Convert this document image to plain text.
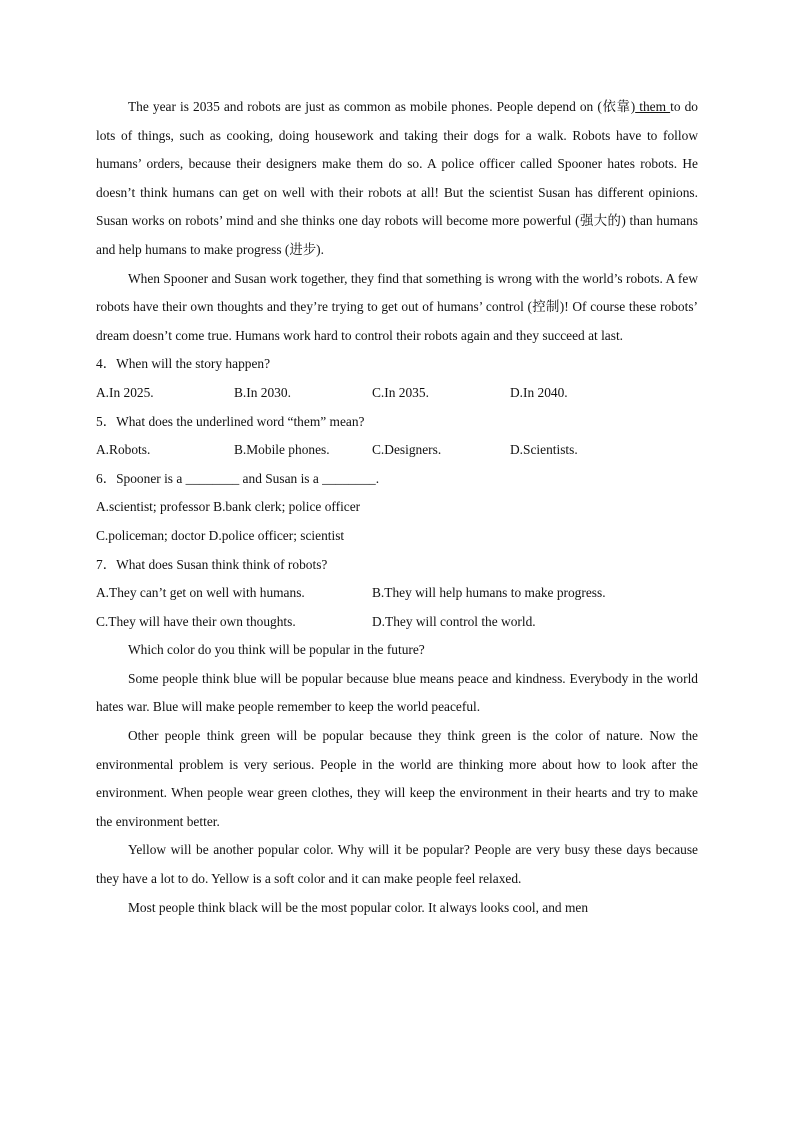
The year is 2035 and robots are just as common as mobile phones. People depend on (依靠) them to do lots of things, such as cooking, doing housework and taking their dogs for a walk. Robots have to follow humans’ orders, because their designers make them do so. A police officer called Spooner hates robots. He doesn’t think humans can get on well with their robots at all! But the scientist Susan has different opinions. Susan works on robots’ mind and she thinks one day robots will become more powerful (强大的) than humans and help humans to make progress (进步).

When Spooner and Susan work together, they find that something is wrong with the world’s robots. A few robots have their own thoughts and they’re trying to get out of humans’ control (控制)! Of course these robots’ dream doesn’t come true. Humans work hard to control their robots again and they succeed at last.

4．When will the story happen?

A.In 2025.	B.In 2030.	C.In 2035.	D.In 2040.

5．What does the underlined word “them” mean?

A.Robots.	B.Mobile phones.	C.Designers.	D.Scientists.

6．Spooner is a ________ and Susan is a ________.

A.scientist; professor B.bank clerk; police officer

C.policeman; doctor D.police officer; scientist

7．What does Susan think think of robots?

A.They can’t get on well with humans.	B.They will help humans to make progress.
C.They will have their own thoughts.	D.They will control the world.

Which color do you think will be popular in the future?

Some people think blue will be popular because blue means peace and kindness. Everybody in the world hates war. Blue will make people remember to keep the world peaceful.

Other people think green will be popular because they think green is the color of nature. Now the environmental problem is very serious. People in the world are thinking more about how to look after the environment. When people wear green clothes, they will keep the environment in their hearts and try to make the environment better.

Yellow will be another popular color. Why will it be popular? People are very busy these days because they have a lot to do. Yellow is a soft color and it can make people feel relaxed.

Most people think black will be the most popular color. It always looks cool, and men
